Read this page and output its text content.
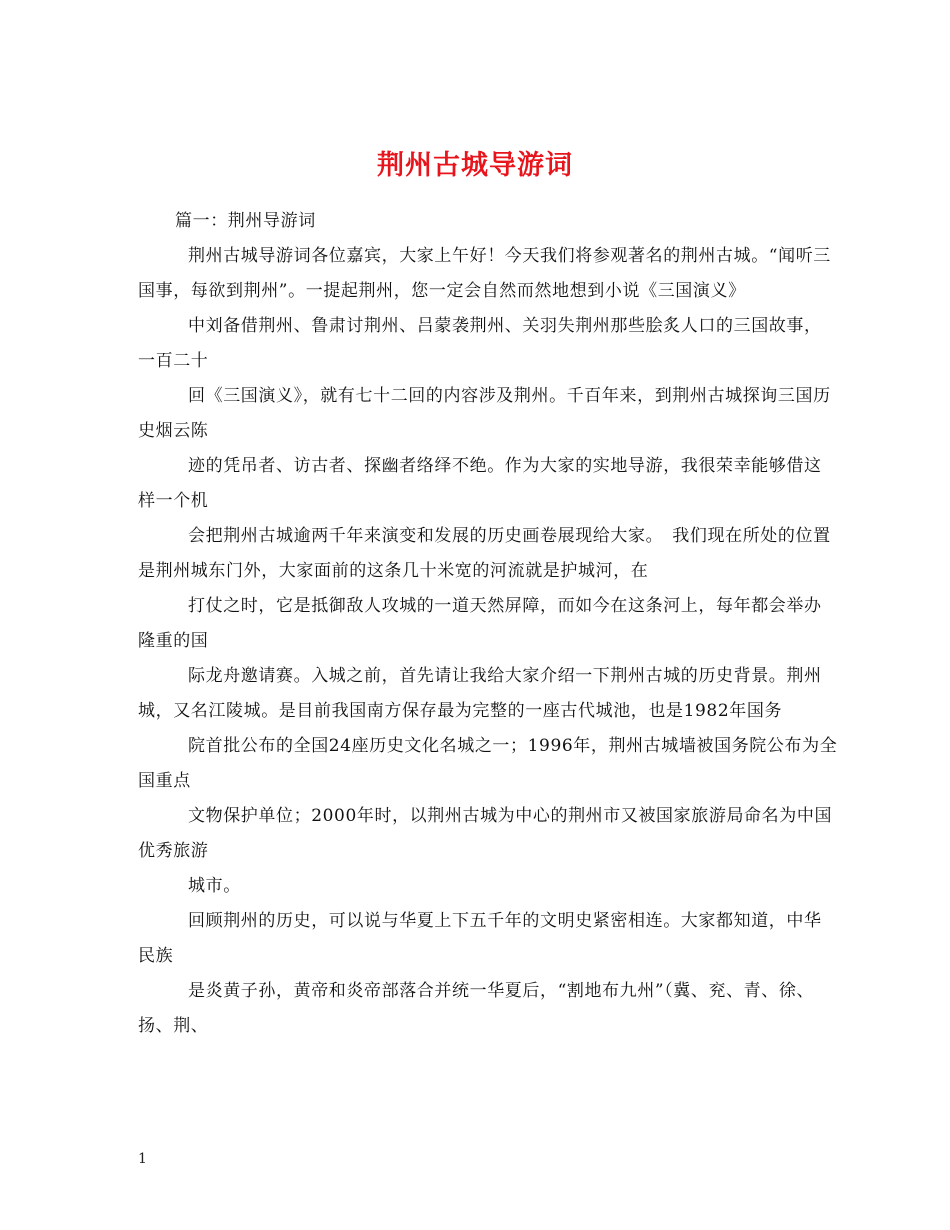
荆州古城导游词

篇一：荆州导游词

荆州古城导游词各位嘉宾，大家上午好！今天我们将参观著名的荆州古城。“闻听三国事，每欲到荆州”。一提起荆州，您一定会自然而然地想到小说《三国演义》

中刘备借荆州、鲁肃讨荆州、吕蒙袭荆州、关羽失荆州那些脍炙人口的三国故事，一百二十

回《三国演义》，就有七十二回的内容涉及荆州。千百年来，到荆州古城探询三国历史烟云陈

迹的凭吊者、访古者、探幽者络绎不绝。作为大家的实地导游，我很荣幸能够借这样一个机

会把荆州古城逾两千年来演变和发展的历史画卷展现给大家。　我们现在所处的位置是荆州城东门外，大家面前的这条几十米宽的河流就是护城河，在

打仗之时，它是抵御敌人攻城的一道天然屏障，而如今在这条河上，每年都会举办隆重的国

际龙舟邀请赛。入城之前，首先请让我给大家介绍一下荆州古城的历史背景。荆州城，又名江陵城。是目前我国南方保存最为完整的一座古代城池，也是1982年国务

院首批公布的全国24座历史文化名城之一；1996年，荆州古城墙被国务院公布为全国重点

文物保护单位；2000年时，以荆州古城为中心的荆州市又被国家旅游局命名为中国优秀旅游

城市。

回顾荆州的历史，可以说与华夏上下五千年的文明史紧密相连。大家都知道，中华民族

是炎黄子孙，黄帝和炎帝部落合并统一华夏后，“割地布九州”（冀、兖、青、徐、扬、荆、

1
